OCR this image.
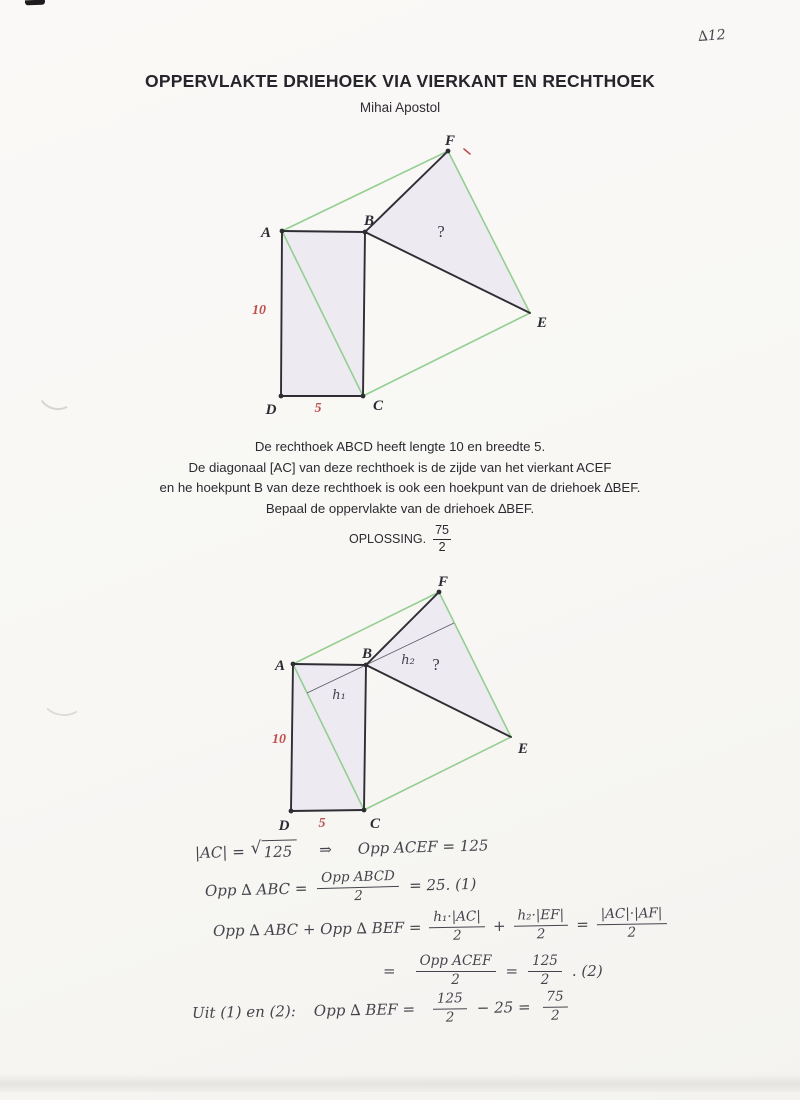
∆12
OPPERVLAKTE DRIEHOEK VIA VIERKANT EN RECHTHOEK
Mihai Apostol
A
B
C
D
E
F
10
5
?
A
B
C
D
E
F
10
5
?
h₂
h₁
De rechthoek ABCD heeft lengte 10 en breedte 5.
De diagonaal [AC] van deze rechthoek is de zijde van het vierkant ACEF
en he hoekpunt B van deze rechthoek is ook een hoekpunt van de driehoek ∆BEF.
Bepaal de oppervlakte van de driehoek ∆BEF.
OPLOSSING. $\frac{75}{2}$
|AC| = √ 125	⇒ Opp ACEF = 125
Opp ∆ ABC = $\frac{\text{Opp ABCD}}{2} = 25$. (1)
Opp ∆ ABC + Opp ∆ BEF = $\frac{\text{h₁·|AC|}}{2} + \frac{\text{h₂·|EF|}}{2} = \frac{|AC|\cdot|AF|}{2}$
= $\frac{\text{Opp ACEF}}{2} = \frac{125}{2}$ . (2)
Uit (1) en (2): Opp ∆ BEF = $\frac{125}{2} - 25 = \frac{75}{2}$
